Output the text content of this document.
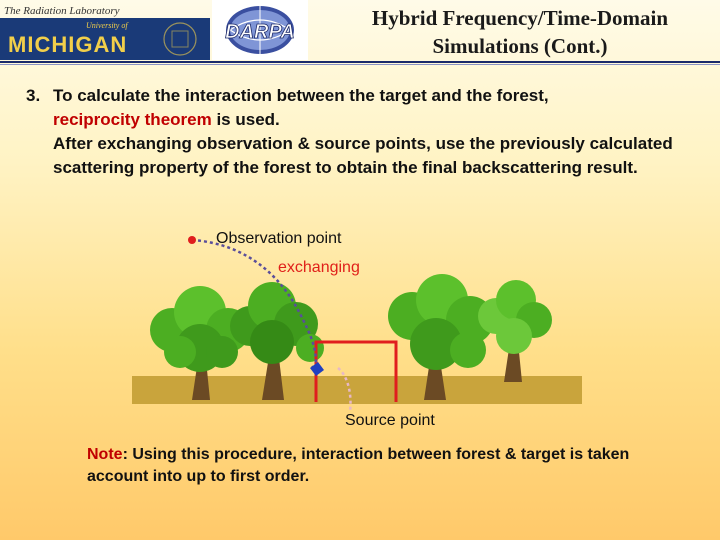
The Radiation Laboratory
University of
MICHIGAN	DARPA
Hybrid Frequency/Time-Domain
Simulations (Cont.)
3. To calculate the interaction between the target and the forest,
reciprocity theorem is used.
After exchanging observation & source points, use the previously calculated scattering property of the forest to obtain the final backscattering result.
Observation point
exchanging
Source point
Note: Using this procedure, interaction between forest & target is taken account into up to first order.
